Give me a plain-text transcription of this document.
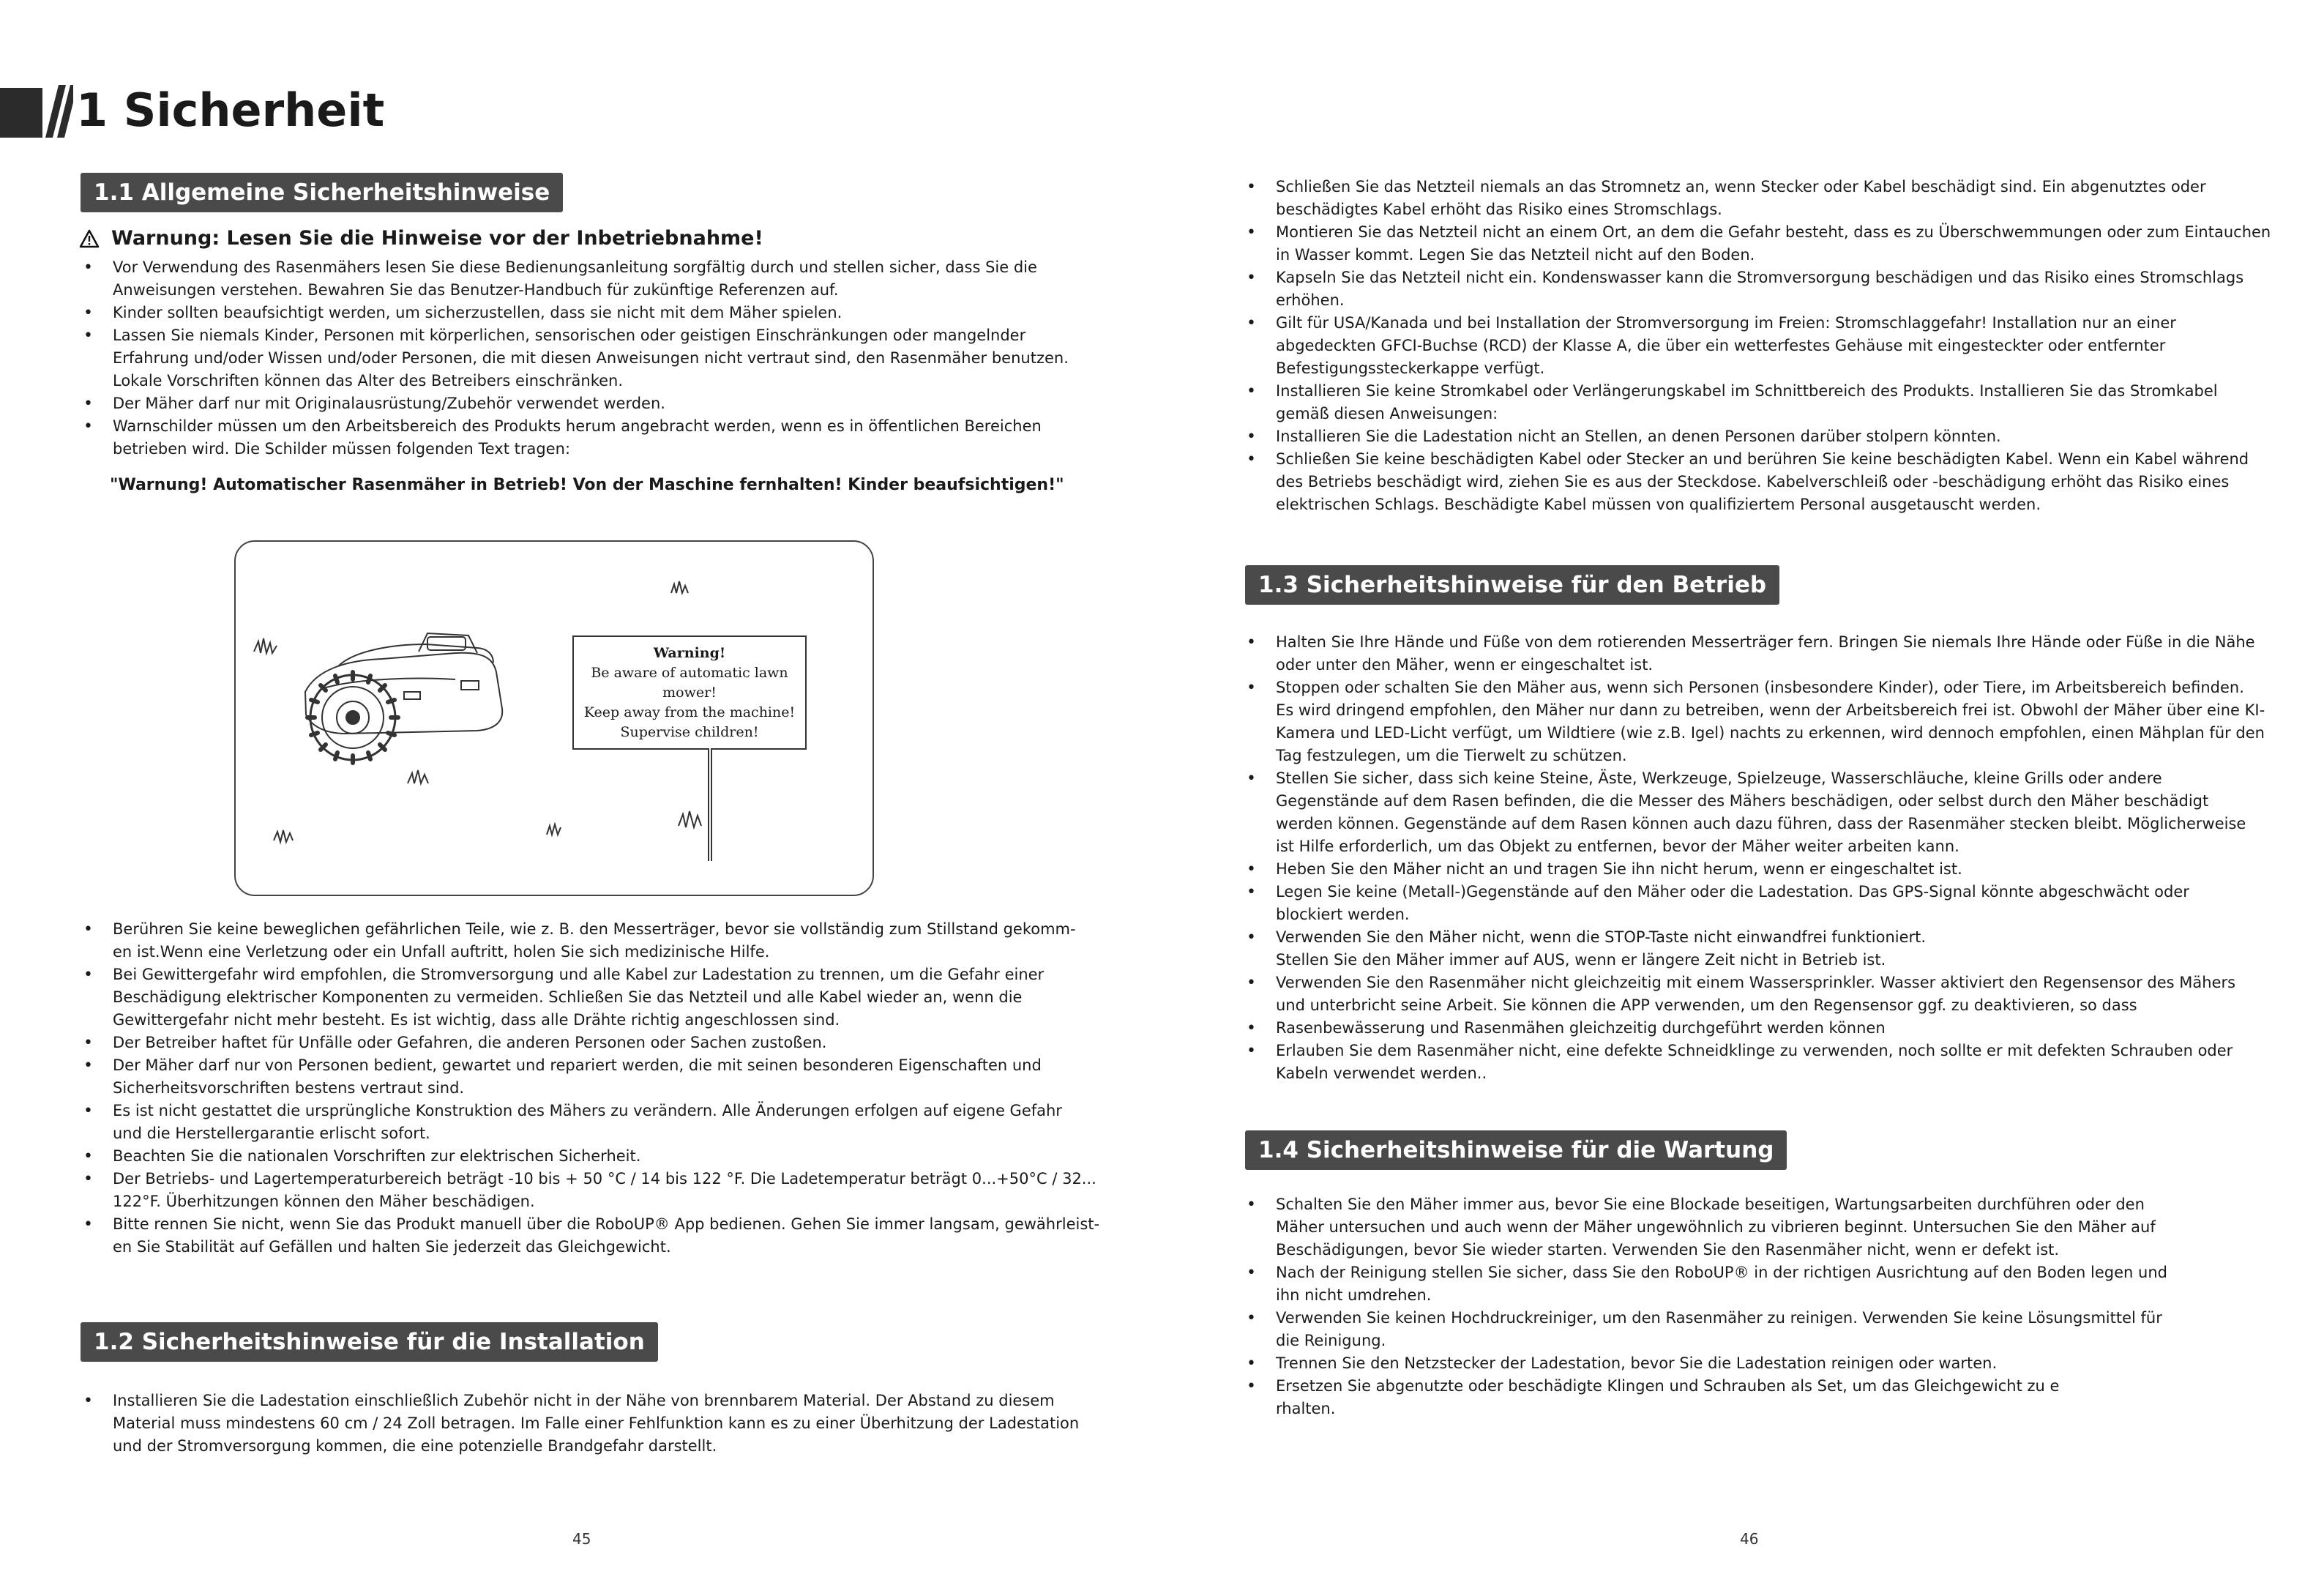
1 Sicherheit
1.1 Allgemeine Sicherheitshinweise
Warnung: Lesen Sie die Hinweise vor der Inbetriebnahme!
• Vor Verwendung des Rasenmähers lesen Sie diese Bedienungsanleitung sorgfältig durch und stellen sicher, dass Sie die
Anweisungen verstehen. Bewahren Sie das Benutzer-Handbuch für zukünftige Referenzen auf.
• Kinder sollten beaufsichtigt werden, um sicherzustellen, dass sie nicht mit dem Mäher spielen.
• Lassen Sie niemals Kinder, Personen mit körperlichen, sensorischen oder geistigen Einschränkungen oder mangelnder
Erfahrung und/oder Wissen und/oder Personen, die mit diesen Anweisungen nicht vertraut sind, den Rasenmäher benutzen.
Lokale Vorschriften können das Alter des Betreibers einschränken.
• Der Mäher darf nur mit Originalausrüstung/Zubehör verwendet werden.
• Warnschilder müssen um den Arbeitsbereich des Produkts herum angebracht werden, wenn es in öffentlichen Bereichen
betrieben wird. Die Schilder müssen folgenden Text tragen:
"Warnung! Automatischer Rasenmäher in Betrieb! Von der Maschine fernhalten! Kinder beaufsichtigen!"
Warning!
Be aware of automatic lawn mower!
Keep away from the machine!
Supervise children!
• Berühren Sie keine beweglichen gefährlichen Teile, wie z. B. den Messerträger, bevor sie vollständig zum Stillstand gekomm-
en ist.Wenn eine Verletzung oder ein Unfall auftritt, holen Sie sich medizinische Hilfe.
• Bei Gewittergefahr wird empfohlen, die Stromversorgung und alle Kabel zur Ladestation zu trennen, um die Gefahr einer
Beschädigung elektrischer Komponenten zu vermeiden. Schließen Sie das Netzteil und alle Kabel wieder an, wenn die
Gewittergefahr nicht mehr besteht. Es ist wichtig, dass alle Drähte richtig angeschlossen sind.
• Der Betreiber haftet für Unfälle oder Gefahren, die anderen Personen oder Sachen zustoßen.
• Der Mäher darf nur von Personen bedient, gewartet und repariert werden, die mit seinen besonderen Eigenschaften und
Sicherheitsvorschriften bestens vertraut sind.
• Es ist nicht gestattet die ursprüngliche Konstruktion des Mähers zu verändern. Alle Änderungen erfolgen auf eigene Gefahr
und die Herstellergarantie erlischt sofort.
• Beachten Sie die nationalen Vorschriften zur elektrischen Sicherheit.
• Der Betriebs- und Lagertemperaturbereich beträgt -10 bis + 50 °C / 14 bis 122 °F. Die Ladetemperatur beträgt 0...+50°C / 32...
122°F. Überhitzungen können den Mäher beschädigen.
• Bitte rennen Sie nicht, wenn Sie das Produkt manuell über die RoboUP® App bedienen. Gehen Sie immer langsam, gewährleist-
en Sie Stabilität auf Gefällen und halten Sie jederzeit das Gleichgewicht.
1.2 Sicherheitshinweise für die Installation
• Installieren Sie die Ladestation einschließlich Zubehör nicht in der Nähe von brennbarem Material. Der Abstand zu diesem
Material muss mindestens 60 cm / 24 Zoll betragen. Im Falle einer Fehlfunktion kann es zu einer Überhitzung der Ladestation
und der Stromversorgung kommen, die eine potenzielle Brandgefahr darstellt.
45
• Schließen Sie das Netzteil niemals an das Stromnetz an, wenn Stecker oder Kabel beschädigt sind. Ein abgenutztes oder
beschädigtes Kabel erhöht das Risiko eines Stromschlags.
• Montieren Sie das Netzteil nicht an einem Ort, an dem die Gefahr besteht, dass es zu Überschwemmungen oder zum Eintauchen
in Wasser kommt. Legen Sie das Netzteil nicht auf den Boden.
• Kapseln Sie das Netzteil nicht ein. Kondenswasser kann die Stromversorgung beschädigen und das Risiko eines Stromschlags
erhöhen.
• Gilt für USA/Kanada und bei Installation der Stromversorgung im Freien: Stromschlaggefahr! Installation nur an einer
abgedeckten GFCI-Buchse (RCD) der Klasse A, die über ein wetterfestes Gehäuse mit eingesteckter oder entfernter
Befestigungssteckerkappe verfügt.
• Installieren Sie keine Stromkabel oder Verlängerungskabel im Schnittbereich des Produkts. Installieren Sie das Stromkabel
gemäß diesen Anweisungen:
• Installieren Sie die Ladestation nicht an Stellen, an denen Personen darüber stolpern könnten.
• Schließen Sie keine beschädigten Kabel oder Stecker an und berühren Sie keine beschädigten Kabel. Wenn ein Kabel während
des Betriebs beschädigt wird, ziehen Sie es aus der Steckdose. Kabelverschleiß oder -beschädigung erhöht das Risiko eines
elektrischen Schlags. Beschädigte Kabel müssen von qualifiziertem Personal ausgetauscht werden.
1.3 Sicherheitshinweise für den Betrieb
• Halten Sie Ihre Hände und Füße von dem rotierenden Messerträger fern. Bringen Sie niemals Ihre Hände oder Füße in die Nähe
oder unter den Mäher, wenn er eingeschaltet ist.
• Stoppen oder schalten Sie den Mäher aus, wenn sich Personen (insbesondere Kinder), oder Tiere, im Arbeitsbereich befinden.
Es wird dringend empfohlen, den Mäher nur dann zu betreiben, wenn der Arbeitsbereich frei ist. Obwohl der Mäher über eine KI-
Kamera und LED-Licht verfügt, um Wildtiere (wie z.B. Igel) nachts zu erkennen, wird dennoch empfohlen, einen Mähplan für den
Tag festzulegen, um die Tierwelt zu schützen.
• Stellen Sie sicher, dass sich keine Steine, Äste, Werkzeuge, Spielzeuge, Wasserschläuche, kleine Grills oder andere
Gegenstände auf dem Rasen befinden, die die Messer des Mähers beschädigen, oder selbst durch den Mäher beschädigt
werden können. Gegenstände auf dem Rasen können auch dazu führen, dass der Rasenmäher stecken bleibt. Möglicherweise
ist Hilfe erforderlich, um das Objekt zu entfernen, bevor der Mäher weiter arbeiten kann.
• Heben Sie den Mäher nicht an und tragen Sie ihn nicht herum, wenn er eingeschaltet ist.
• Legen Sie keine (Metall-)Gegenstände auf den Mäher oder die Ladestation. Das GPS-Signal könnte abgeschwächt oder
blockiert werden.
• Verwenden Sie den Mäher nicht, wenn die STOP-Taste nicht einwandfrei funktioniert.
Stellen Sie den Mäher immer auf AUS, wenn er längere Zeit nicht in Betrieb ist.
• Verwenden Sie den Rasenmäher nicht gleichzeitig mit einem Wassersprinkler. Wasser aktiviert den Regensensor des Mähers
und unterbricht seine Arbeit. Sie können die APP verwenden, um den Regensensor ggf. zu deaktivieren, so dass
• Rasenbewässerung und Rasenmähen gleichzeitig durchgeführt werden können
• Erlauben Sie dem Rasenmäher nicht, eine defekte Schneidklinge zu verwenden, noch sollte er mit defekten Schrauben oder
Kabeln verwendet werden..
1.4 Sicherheitshinweise für die Wartung
• Schalten Sie den Mäher immer aus, bevor Sie eine Blockade beseitigen, Wartungsarbeiten durchführen oder den
Mäher untersuchen und auch wenn der Mäher ungewöhnlich zu vibrieren beginnt. Untersuchen Sie den Mäher auf
Beschädigungen, bevor Sie wieder starten. Verwenden Sie den Rasenmäher nicht, wenn er defekt ist.
• Nach der Reinigung stellen Sie sicher, dass Sie den RoboUP® in der richtigen Ausrichtung auf den Boden legen und
ihn nicht umdrehen.
• Verwenden Sie keinen Hochdruckreiniger, um den Rasenmäher zu reinigen. Verwenden Sie keine Lösungsmittel für
die Reinigung.
• Trennen Sie den Netzstecker der Ladestation, bevor Sie die Ladestation reinigen oder warten.
• Ersetzen Sie abgenutzte oder beschädigte Klingen und Schrauben als Set, um das Gleichgewicht zu e
rhalten.
46
